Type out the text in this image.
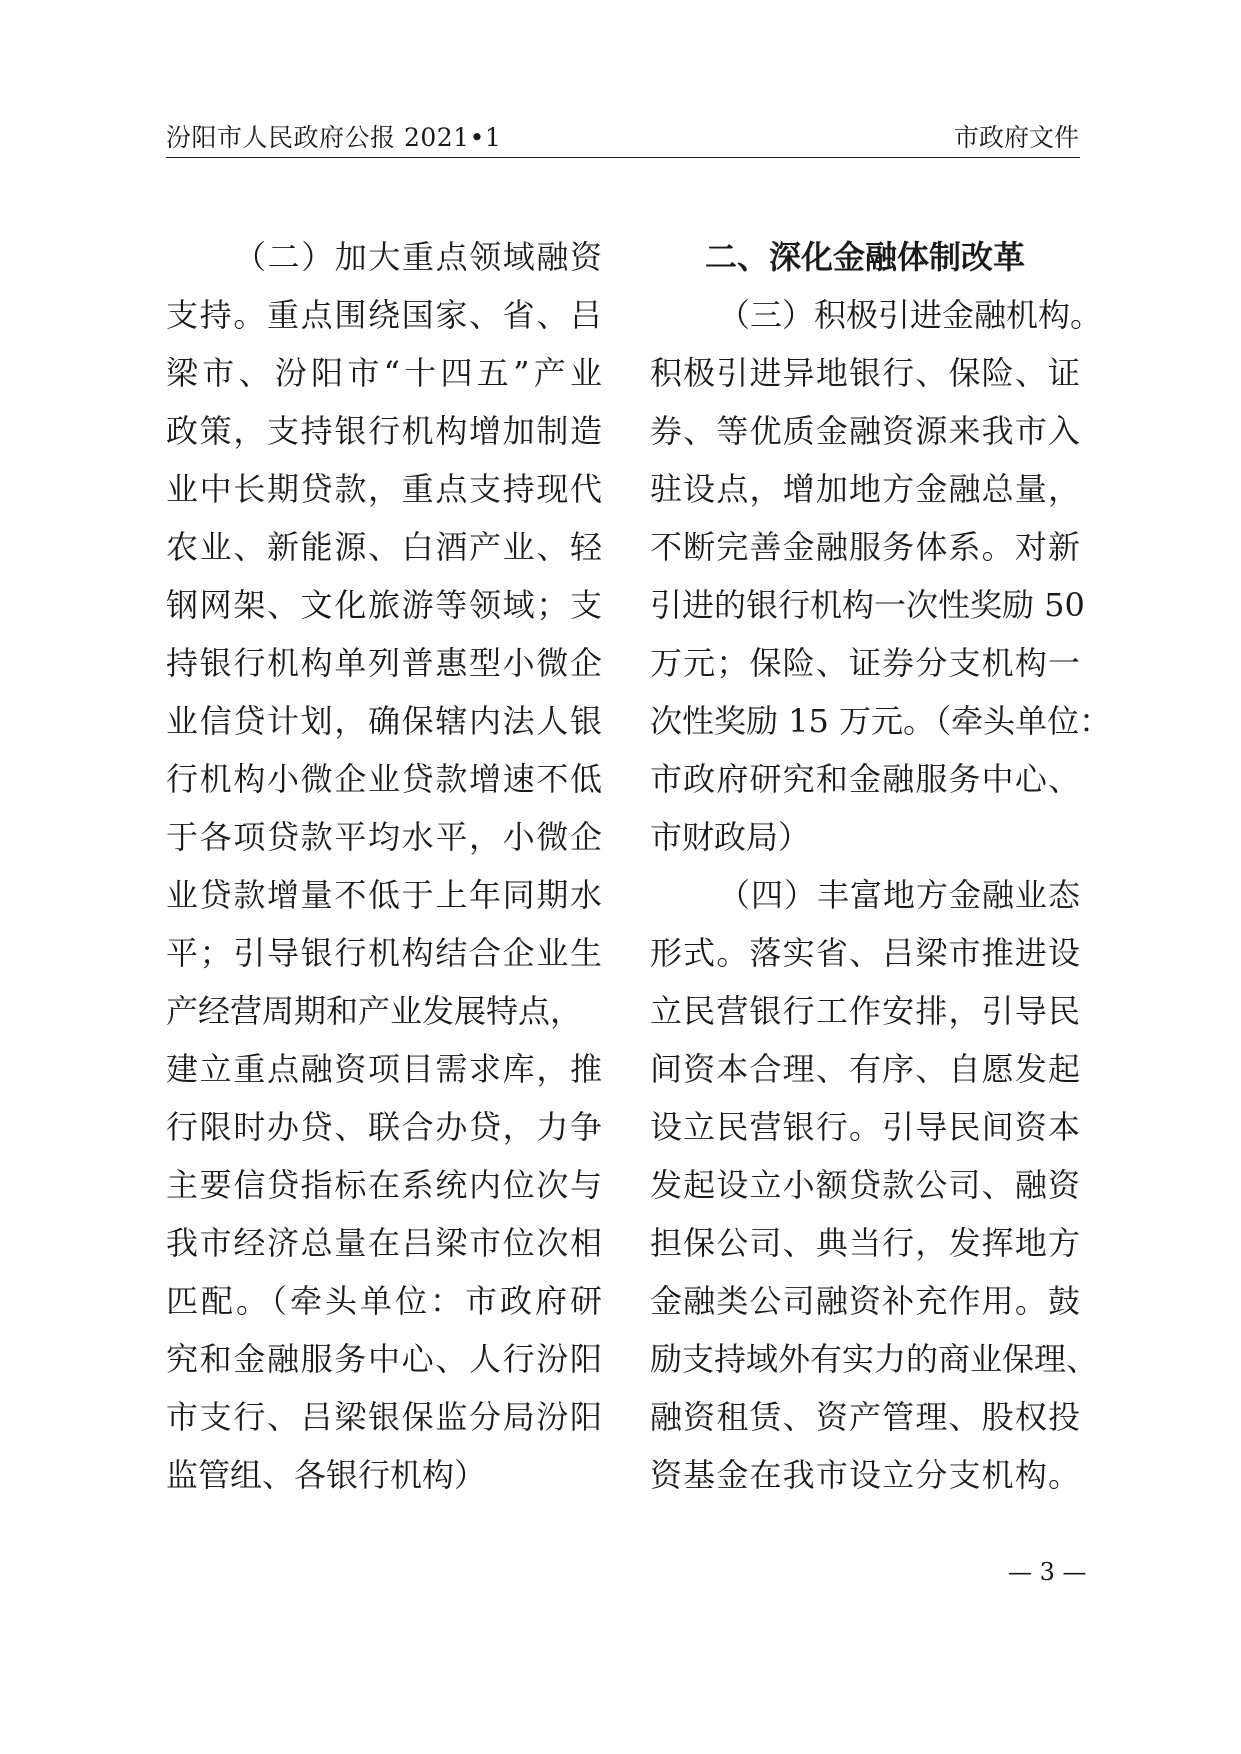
汾阳市人民政府公报 2021•1	市政府文件
（二）加大重点领域融资
支持。重点围绕国家、省、吕
梁市、汾阳市“十四五”产业
政策，支持银行机构增加制造
业中长期贷款，重点支持现代
农业、新能源、白酒产业、轻
钢网架、文化旅游等领域；支
持银行机构单列普惠型小微企
业信贷计划，确保辖内法人银
行机构小微企业贷款增速不低
于各项贷款平均水平，小微企
业贷款增量不低于上年同期水
平；引导银行机构结合企业生
产经营周期和产业发展特点，
建立重点融资项目需求库，推
行限时办贷、联合办贷，力争
主要信贷指标在系统内位次与
我市经济总量在吕梁市位次相
匹配。（牵头单位：市政府研
究和金融服务中心、人行汾阳
市支行、吕梁银保监分局汾阳
监管组、各银行机构）
二、深化金融体制改革
（三）积极引进金融机构。
积极引进异地银行、保险、证
券、等优质金融资源来我市入
驻设点，增加地方金融总量，
不断完善金融服务体系。对新
引进的银行机构一次性奖励 50
万元；保险、证券分支机构一
次性奖励 15 万元。（牵头单位：
市政府研究和金融服务中心、
市财政局）
（四）丰富地方金融业态
形式。落实省、吕梁市推进设
立民营银行工作安排，引导民
间资本合理、有序、自愿发起
设立民营银行。引导民间资本
发起设立小额贷款公司、融资
担保公司、典当行，发挥地方
金融类公司融资补充作用。鼓
励支持域外有实力的商业保理、
融资租赁、资产管理、股权投
资基金在我市设立分支机构。
— 3 —
